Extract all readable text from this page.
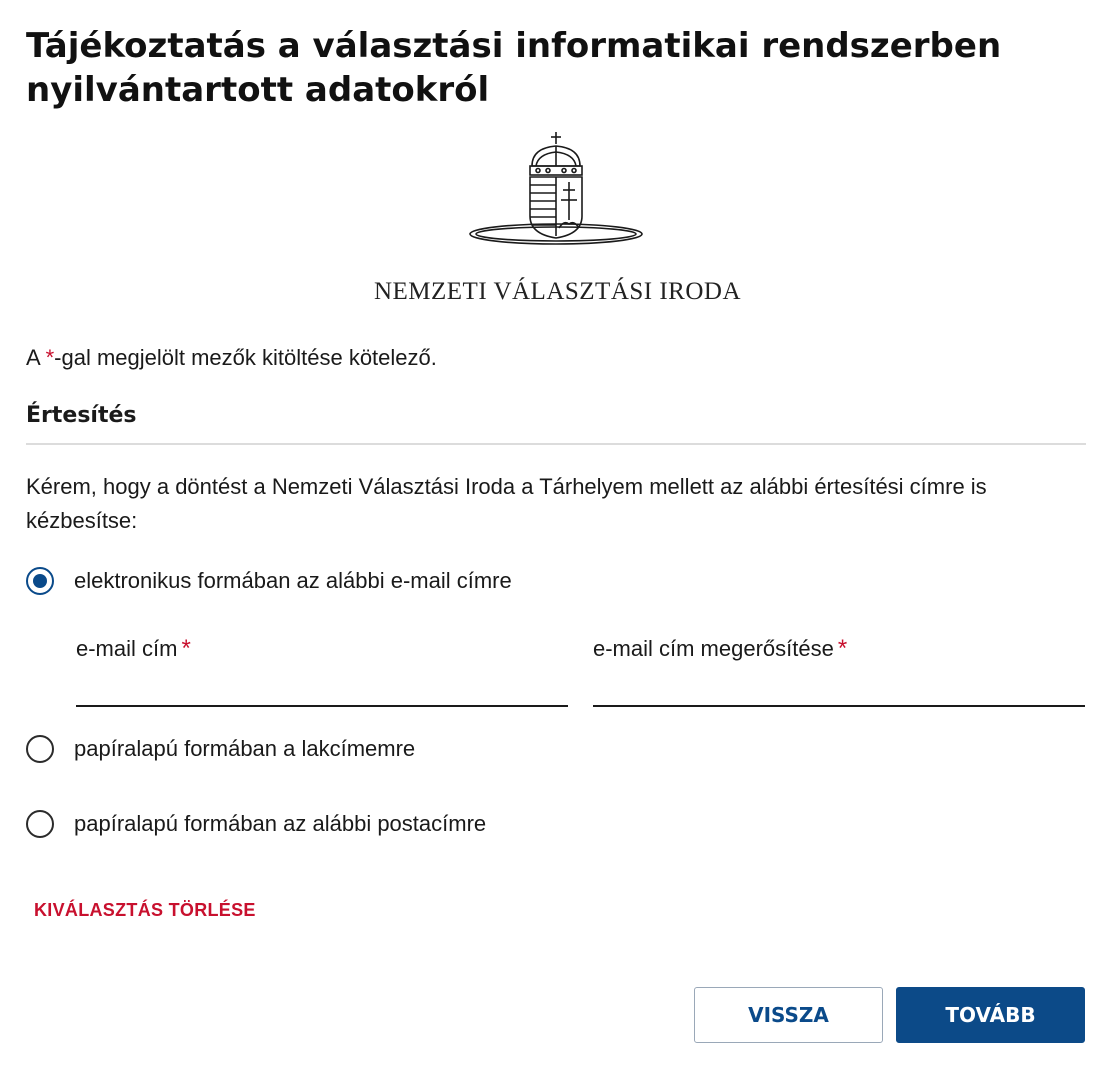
Tájékoztatás a választási informatikai rendszerben nyilvántartott adatokról
NEMZETI VÁLASZTÁSI IRODA
A *-gal megjelölt mezők kitöltése kötelező.
Értesítés

Kérem, hogy a döntést a Nemzeti Választási Iroda a Tárhelyem mellett az alábbi értesítési címre is kézbesítse:

elektronikus formában az alábbi e-mail címre
e-mail cím *	e-mail cím megerősítése *
papíralapú formában a lakcímemre
papíralapú formában az alábbi postacímre
KIVÁLASZTÁS TÖRLÉSE
VISSZA	TOVÁBB
